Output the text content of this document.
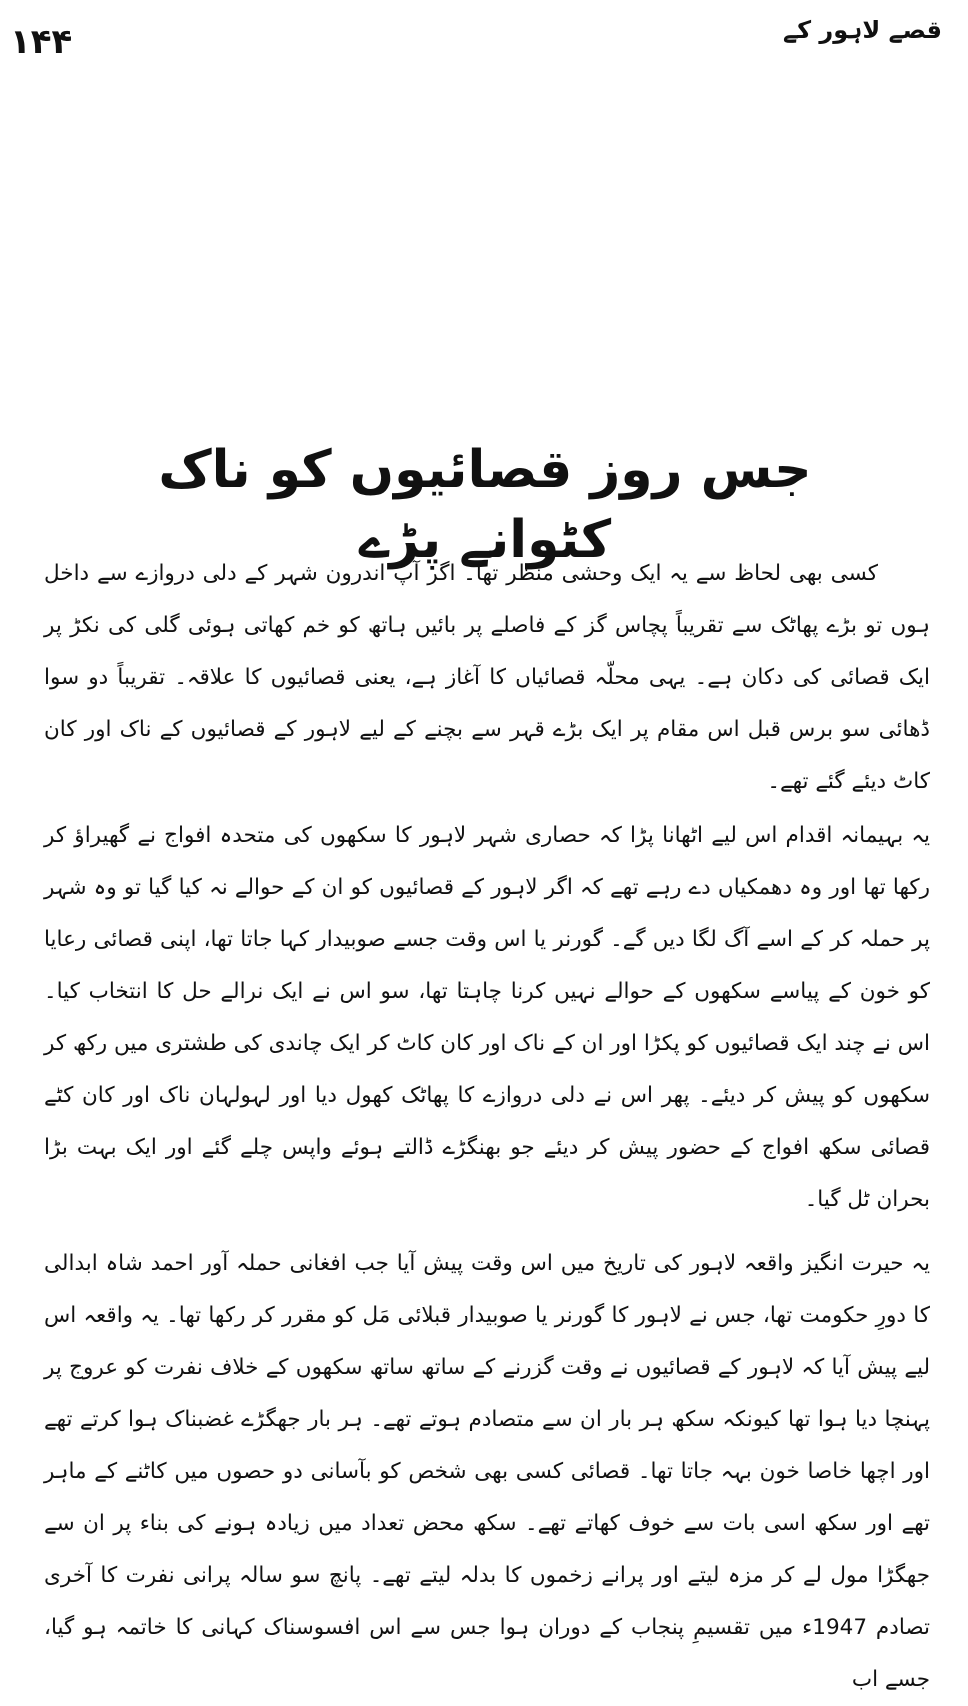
۱۴۴	قصے لاہور کے
جس روز قصائیوں کو ناک کٹوانے پڑے

کسی بھی لحاظ سے یہ ایک وحشی منظر تھا۔ اگر آپ اندرون شہر کے دلی دروازے سے داخل ہوں تو بڑے پھاٹک سے تقریباً پچاس گز کے فاصلے پر بائیں ہاتھ کو خم کھاتی ہوئی گلی کی نکڑ پر ایک قصائی کی دکان ہے۔ یہی محلّہ قصائیاں کا آغاز ہے، یعنی قصائیوں کا علاقہ۔ تقریباً دو سوا ڈھائی سو برس قبل اس مقام پر ایک بڑے قہر سے بچنے کے لیے لاہور کے قصائیوں کے ناک اور کان کاٹ دیئے گئے تھے۔

یہ بہیمانہ اقدام اس لیے اٹھانا پڑا کہ حصاری شہر لاہور کا سکھوں کی متحدہ افواج نے گھیراؤ کر رکھا تھا اور وہ دھمکیاں دے رہے تھے کہ اگر لاہور کے قصائیوں کو ان کے حوالے نہ کیا گیا تو وہ شہر پر حملہ کر کے اسے آگ لگا دیں گے۔ گورنر یا اس وقت جسے صوبیدار کہا جاتا تھا، اپنی قصائی رعایا کو خون کے پیاسے سکھوں کے حوالے نہیں کرنا چاہتا تھا، سو اس نے ایک نرالے حل کا انتخاب کیا۔ اس نے چند ایک قصائیوں کو پکڑا اور ان کے ناک اور کان کاٹ کر ایک چاندی کی طشتری میں رکھ کر سکھوں کو پیش کر دیئے۔ پھر اس نے دلی دروازے کا پھاٹک کھول دیا اور لہولہان ناک اور کان کٹے قصائی سکھ افواج کے حضور پیش کر دیئے جو بھنگڑے ڈالتے ہوئے واپس چلے گئے اور ایک بہت بڑا بحران ٹل گیا۔

یہ حیرت انگیز واقعہ لاہور کی تاریخ میں اس وقت پیش آیا جب افغانی حملہ آور احمد شاہ ابدالی کا دورِ حکومت تھا، جس نے لاہور کا گورنر یا صوبیدار قبلائی مَل کو مقرر کر رکھا تھا۔ یہ واقعہ اس لیے پیش آیا کہ لاہور کے قصائیوں نے وقت گزرنے کے ساتھ ساتھ سکھوں کے خلاف نفرت کو عروج پر پہنچا دیا ہوا تھا کیونکہ سکھ ہر بار ان سے متصادم ہوتے تھے۔ ہر بار جھگڑے غضبناک ہوا کرتے تھے اور اچھا خاصا خون بہہ جاتا تھا۔ قصائی کسی بھی شخص کو بآسانی دو حصوں میں کاٹنے کے ماہر تھے اور سکھ اسی بات سے خوف کھاتے تھے۔ سکھ محض تعداد میں زیادہ ہونے کی بناء پر ان سے جھگڑا مول لے کر مزہ لیتے اور پرانے زخموں کا بدلہ لیتے تھے۔ پانچ سو سالہ پرانی نفرت کا آخری تصادم 1947ء میں تقسیمِ پنجاب کے دوران ہوا جس سے اس افسوسناک کہانی کا خاتمہ ہو گیا، جسے اب
